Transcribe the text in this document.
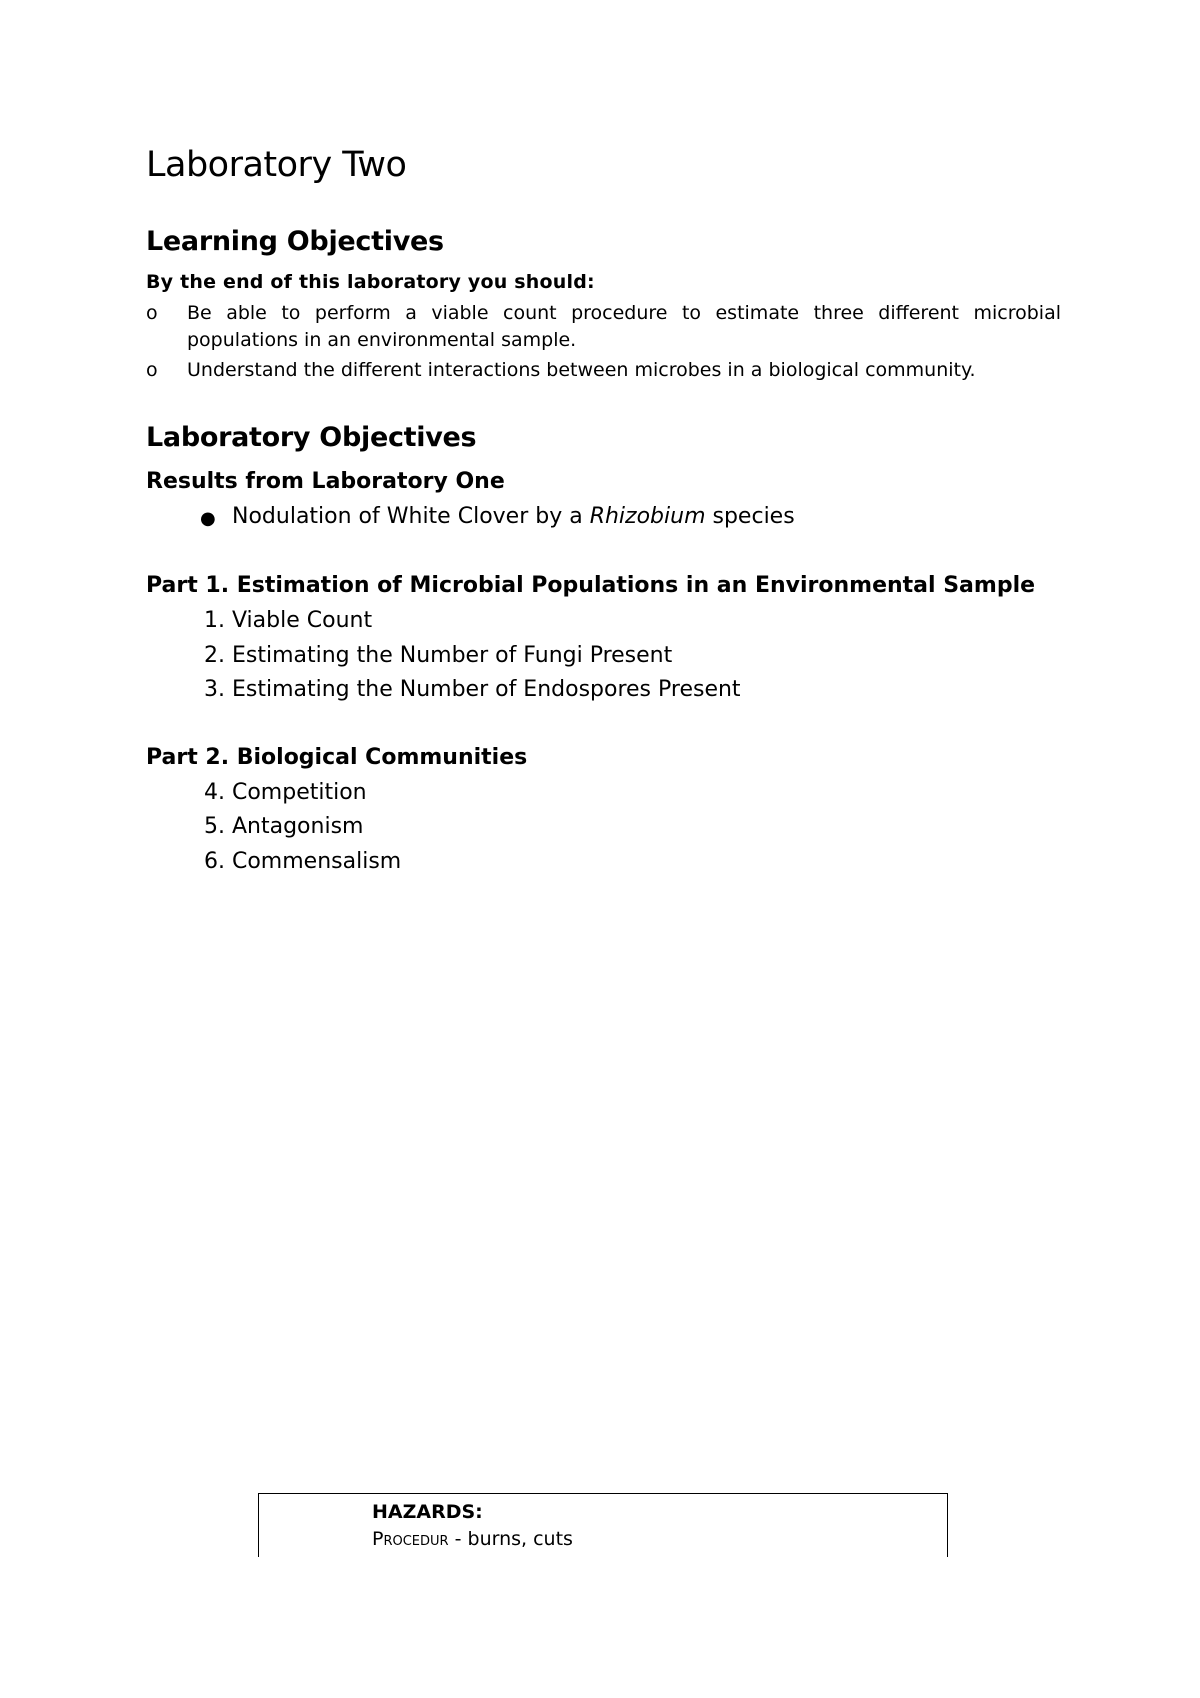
Laboratory Two
Learning Objectives
By the end of this laboratory you should:
o Be able to perform a viable count procedure to estimate three different microbial populations in an environmental sample.
o Understand the different interactions between microbes in a biological community.
Laboratory Objectives
Results from Laboratory One
● Nodulation of White Clover by a Rhizobium species
Part 1. Estimation of Microbial Populations in an Environmental Sample
1. Viable Count
2. Estimating the Number of Fungi Present
3. Estimating the Number of Endospores Present
Part 2. Biological Communities
4. Competition
5. Antagonism
6. Commensalism
HAZARDS:
Procedur - burns, cuts
